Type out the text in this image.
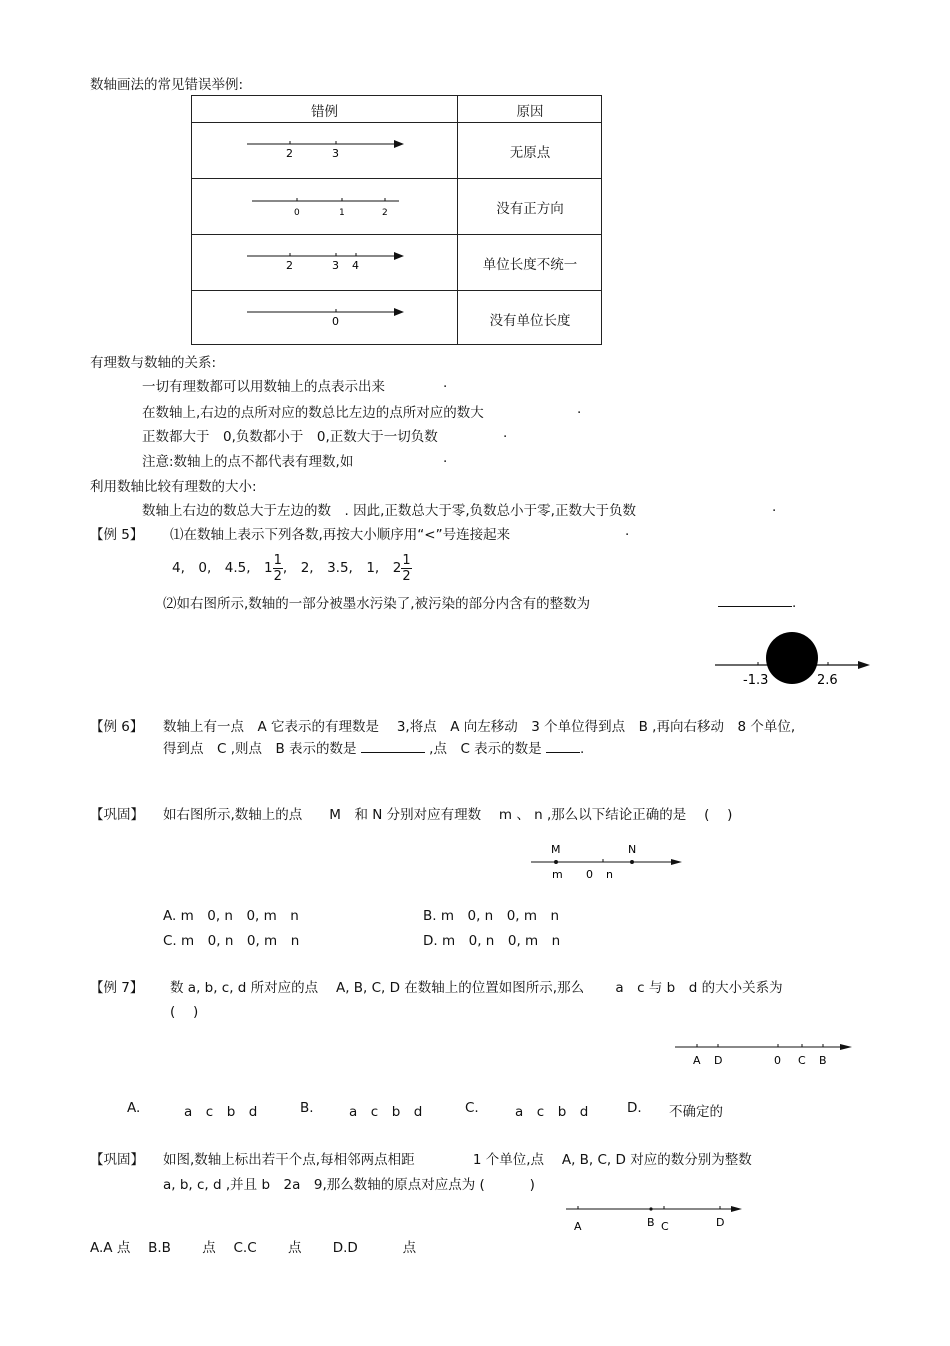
数轴画法的常见错误举例:
错例	原因
2	3	无原点
0	1	2	没有正方向
2	3 4	单位长度不统一
0	没有单位长度
有理数与数轴的关系:
一切有理数都可以用数轴上的点表示出来	.
在数轴上,右边的点所对应的数总比左边的点所对应的数大	.
正数都大于　0,负数都小于　0,正数大于一切负数	.
注意:数轴上的点不都代表有理数,如	.
利用数轴比较有理数的大小:
数轴上右边的数总大于左边的数　. 因此,正数总大于零,负数总小于零,正数大于负数	.
【例 5】 ⑴在数轴上表示下列各数,再按大小顺序用“<”号连接起来	.
4,　0,　4.5,　$1 \frac{1}{2}$ ,　2,　3.5,　1,　$2 \frac{1}{2}$
⑵如右图所示,数轴的一部分被墨水污染了,被污染的部分内含有的整数为	.
-1.3	2.6
【例 6】 数轴上有一点　A 它表示的有理数是　 3,将点　A 向左移动　3 个单位得到点　B ,再向右移动　8 个单位,
得到点　C ,则点　B 表示的数是	,点　C 表示的数是	.
【巩固】 如右图所示,数轴上的点　　M　和 N 分别对应有理数　 m 、 n ,那么以下结论正确的是　 (　 )
M	N
m 0 n
A. m　0, n　0, m　n	B. m　0, n　0, m　n
C. m　0, n　0, m　n	D. m　0, n　0, m　n
【例 7】 数 a, b, c, d 所对应的点　 A, B, C, D 在数轴上的位置如图所示,那么　　 a　c 与 b　d 的大小关系为
(　 )
A D	0 C B
A.	a　c　b　d	B.	a　c　b　d	C.	a　c　b　d	D. 不确定的
【巩固】 如图,数轴上标出若干个点,每相邻两点相距　　　　 1 个单位,点　 A, B, C, D 对应的数分别为整数
a, b, c, d ,并且 b　2a　9,那么数轴的原点对应点为 (　　　 )
A	B C	D
A.A 点　 B.B　　 点　 C.C　　 点　　 D.D　　　 点
